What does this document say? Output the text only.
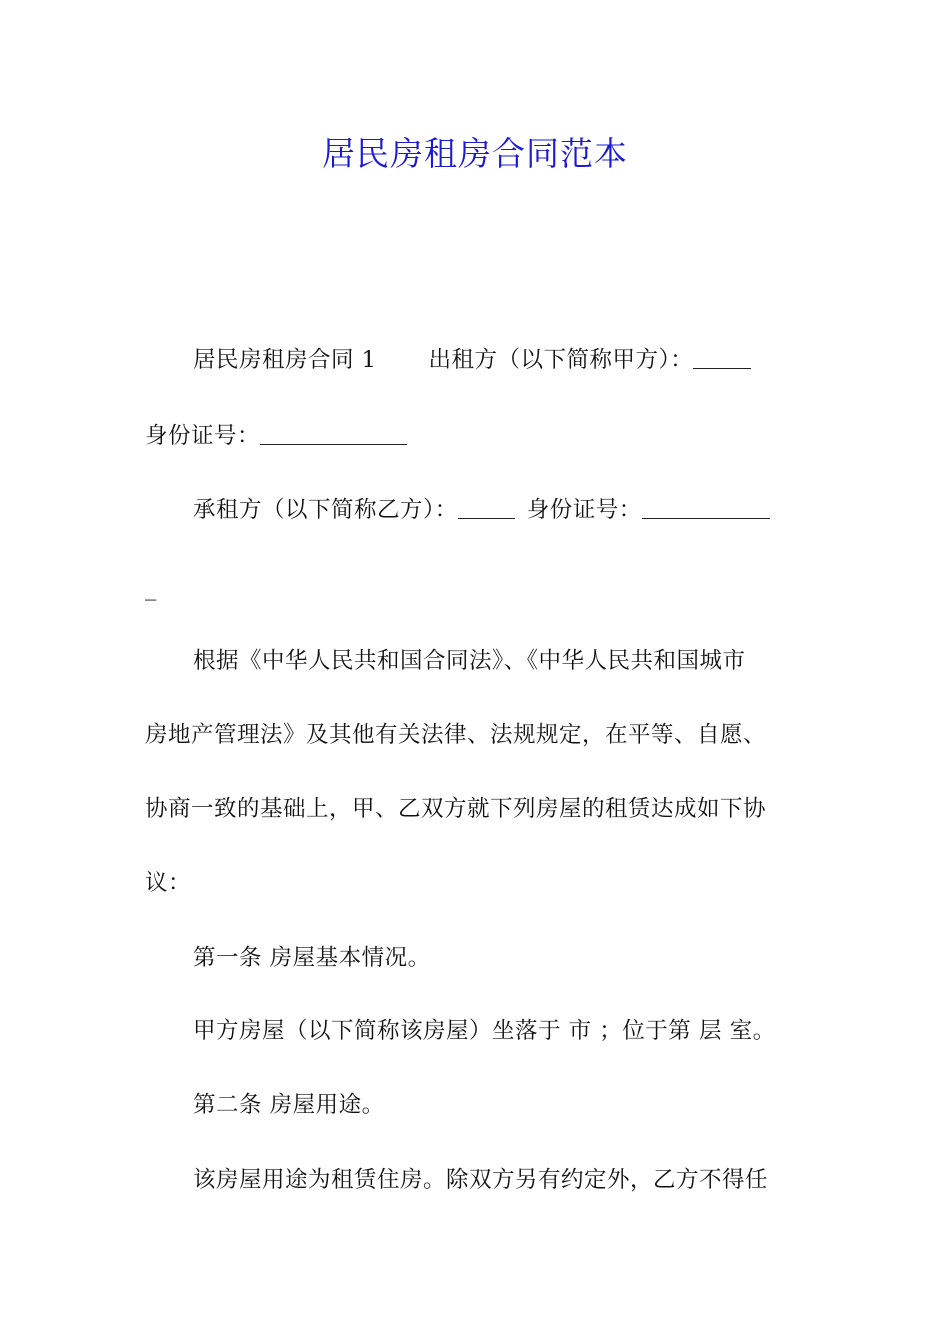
居民房租房合同范本
居民房租房合同 1 出租方（以下简称甲方）：
身份证号：
承租方（以下简称乙方）：	身份证号：
_
根据《中华人民共和国合同法》、《中华人民共和国城市
房地产管理法》及其他有关法律、法规规定，在平等、自愿、
协商一致的基础上，甲、乙双方就下列房屋的租赁达成如下协
议：
第一条 房屋基本情况。
甲方房屋（以下简称该房屋）坐落于 市 ；位于第 层 室。
第二条 房屋用途。
该房屋用途为租赁住房。除双方另有约定外，乙方不得任
